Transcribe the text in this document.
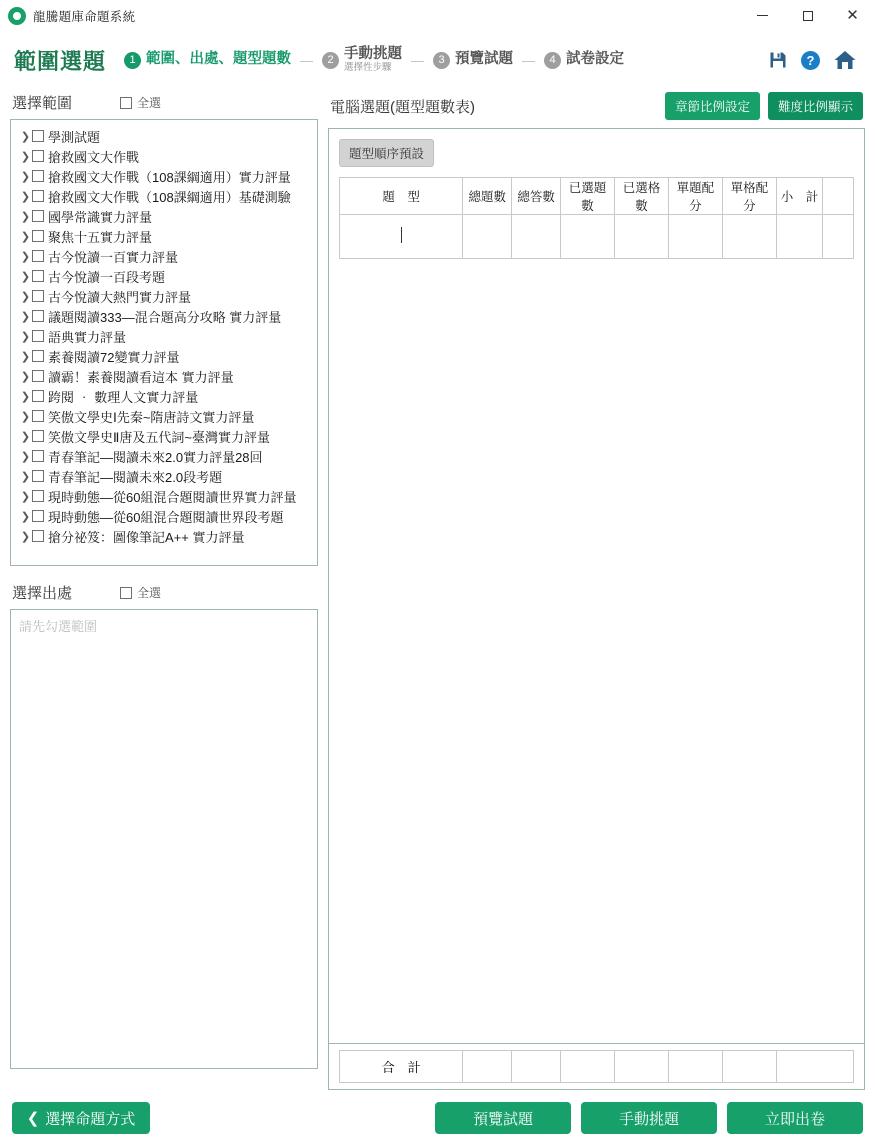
龍騰題庫命題系統	✕
範圍選題	1 範圍、出處、題型題數 —	2 手動挑題
選擇性步驟
—	3 預覽試題 —	4 試卷設定	?
選擇範圍	全選
❯ 學測試題
❯ 搶救國文大作戰
❯ 搶救國文大作戰（108課綱適用）實力評量
❯ 搶救國文大作戰（108課綱適用）基礎測驗
❯ 國學常識實力評量
❯ 聚焦十五實力評量
❯ 古今悅讀一百實力評量
❯ 古今悅讀一百段考題
❯ 古今悅讀大熱門實力評量
❯ 議題閱讀333—混合題高分攻略 實力評量
❯ 語典實力評量
❯ 素養閱讀72變實力評量
❯ 讀霸！素養閱讀看這本 實力評量
❯ 跨閱 ‧ 數理人文實力評量
❯ 笑傲文學史Ⅰ先秦~隋唐詩文實力評量
❯ 笑傲文學史Ⅱ唐及五代詞~臺灣實力評量
❯ 青春筆記—閱讀未來2.0實力評量28回
❯ 青春筆記—閱讀未來2.0段考題
❯ 現時動態—從60組混合題閱讀世界實力評量
❯ 現時動態—從60組混合題閱讀世界段考題
❯ 搶分祕笈：圖像筆記A++ 實力評量
選擇出處	全選
請先勾選範圍
電腦選題(題型題數表)	章節比例設定	難度比例顯示
題型順序預設
題　型	總題數	總答數	已選題數	已選格數	單題配分	單格配分	小　計	

合　計							
❮ 選擇命題方式	預覽試題	手動挑題	立即出卷
